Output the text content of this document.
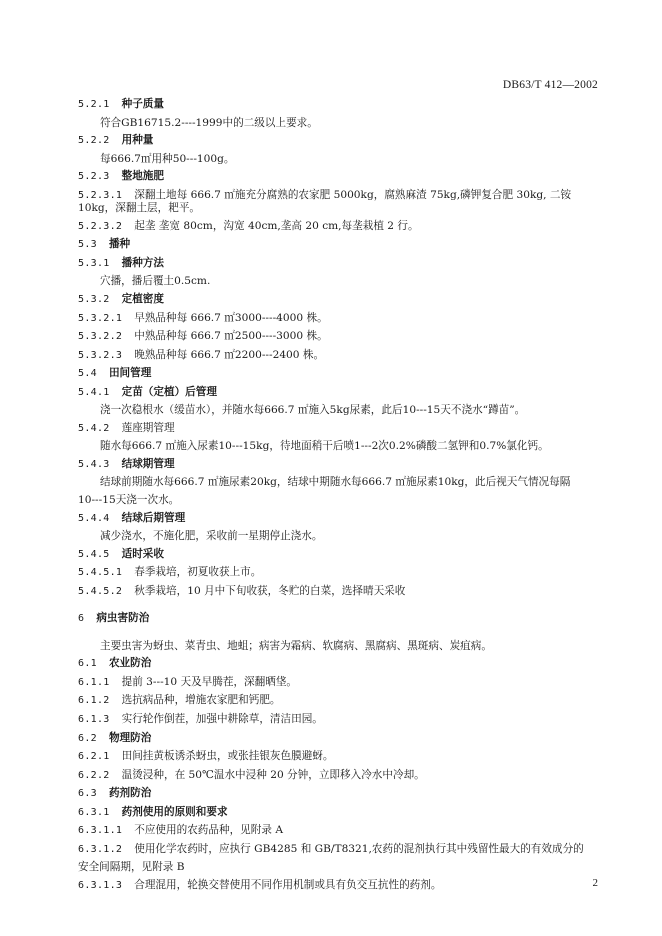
DB63/T 412—2002
5.2.1 种子质量
符合GB16715.2----1999中的二级以上要求。
5.2.2 用种量
每666.7㎡用种50---100g。
5.2.3 整地施肥
5.2.3.1 深翻土地每 666.7 ㎡施充分腐熟的农家肥 5000kg，腐熟麻渣 75kg,磷钾复合肥 30kg, 二铵 10kg，深翻土层，耙平。
5.2.3.2 起垄 垄宽 80cm，沟宽 40cm,垄高 20 cm,每垄栽植 2 行。
5.3 播种
5.3.1 播种方法
穴播，播后覆土0.5cm.
5.3.2 定植密度
5.3.2.1 早熟品种每 666.7 ㎡3000----4000 株。
5.3.2.2 中熟品种每 666.7 ㎡2500----3000 株。
5.3.2.3 晚熟品种每 666.7 ㎡2200---2400 株。
5.4 田间管理
5.4.1 定苗（定植）后管理
浇一次稳根水（缓苗水），并随水每666.7 ㎡施入5kg尿素，此后10---15天不浇水“蹲苗”。
5.4.2 莲座期管理
随水每666.7 ㎡施入尿素10---15kg，待地面稍干后喷1---2次0.2%磷酸二氢钾和0.7%氯化钙。
5.4.3 结球期管理
结球前期随水每666.7 ㎡施尿素20kg，结球中期随水每666.7 ㎡施尿素10kg，此后视天气情况每隔
10---15天浇一次水。
5.4.4 结球后期管理
减少浇水，不施化肥，采收前一星期停止浇水。
5.4.5 适时采收
5.4.5.1 春季栽培，初夏收获上市。
5.4.5.2 秋季栽培，10 月中下旬收获，冬贮的白菜，选择晴天采收
6 病虫害防治
主要虫害为蚜虫、菜青虫、地蛆；病害为霜病、软腐病、黑腐病、黑斑病、炭疽病。
6.1 农业防治
6.1.1 提前 3---10 天及早腾茬，深翻晒垡。
6.1.2 选抗病品种，增施农家肥和钙肥。
6.1.3 实行轮作倒茬，加强中耕除草，清洁田园。
6.2 物理防治
6.2.1 田间挂黄板诱杀蚜虫，或张挂银灰色膜避蚜。
6.2.2 温烫浸种，在 50℃温水中浸种 20 分钟，立即移入冷水中冷却。
6.3 药剂防治
6.3.1 药剂使用的原则和要求
6.3.1.1 不应使用的农药品种，见附录 A
6.3.1.2 使用化学农药时，应执行 GB4285 和 GB/T8321,农药的混剂执行其中残留性最大的有效成分的
安全间隔期，见附录 B
6.3.1.3 合理混用，轮换交替使用不同作用机制或具有负交互抗性的药剂。	2
